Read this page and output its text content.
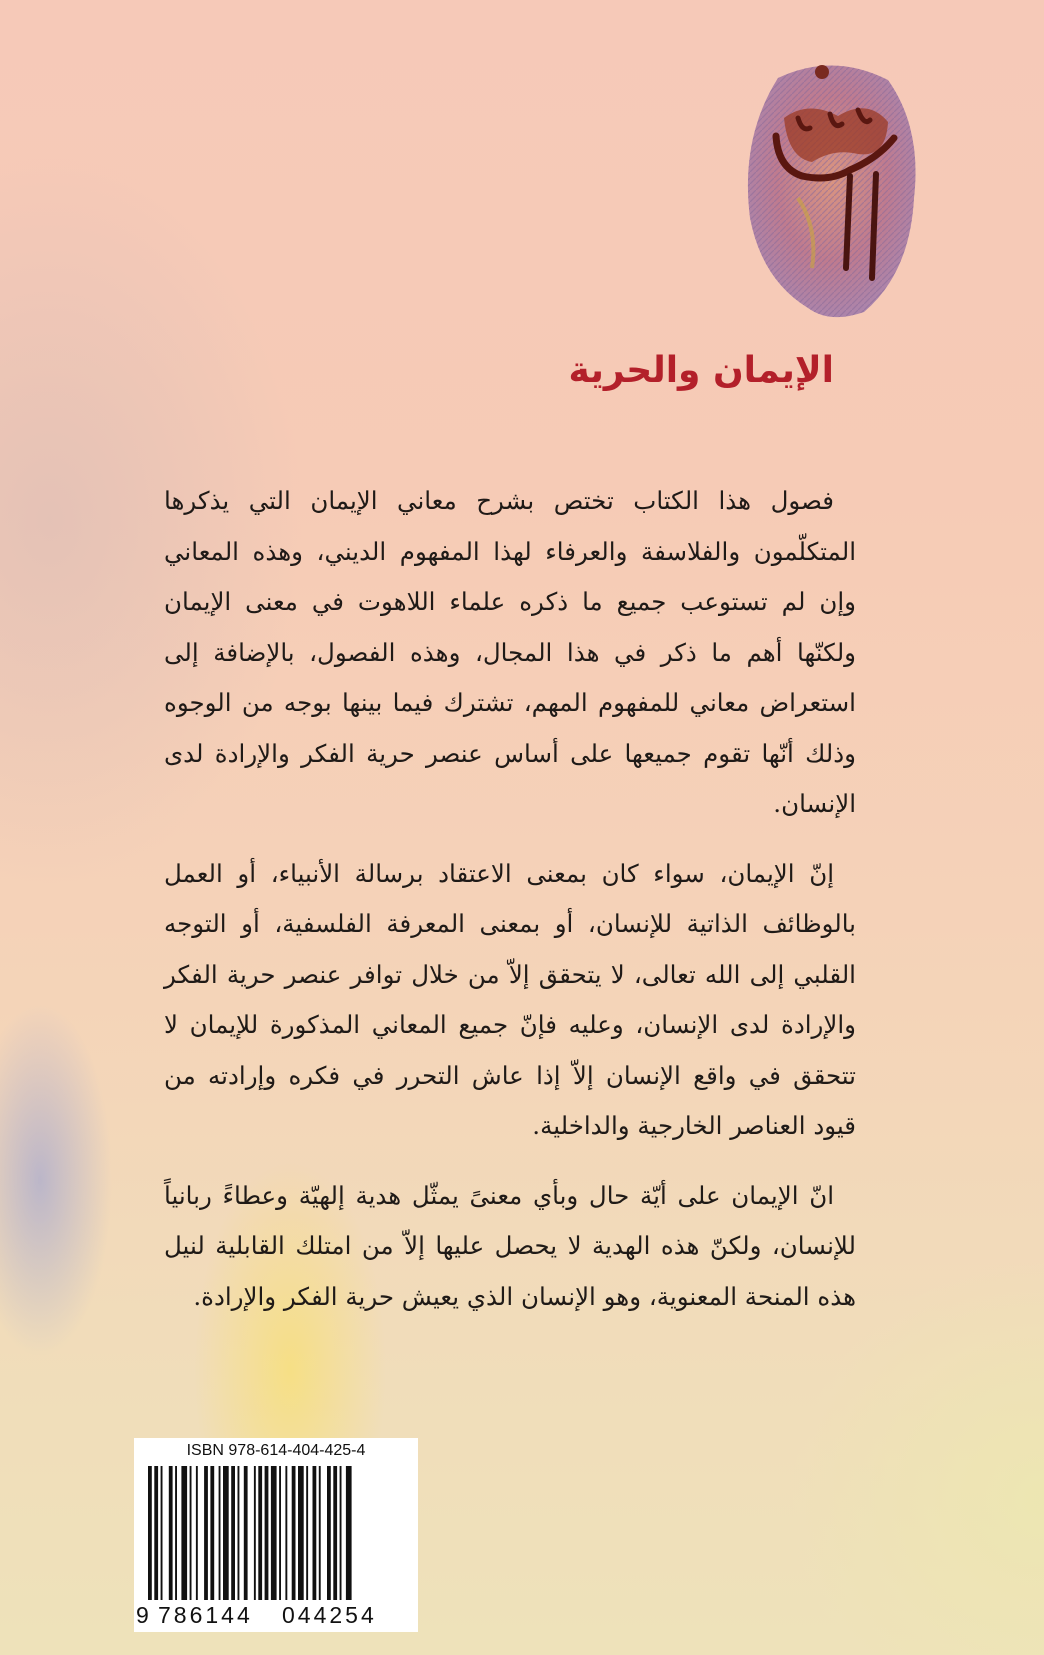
الإيمان والحرية

فصول هذا الكتاب تختص بشرح معاني الإيمان التي يذكرها المتكلّمون والفلاسفة والعرفاء لهذا المفهوم الديني، وهذه المعاني وإن لم تستوعب جميع ما ذكره علماء اللاهوت في معنى الإيمان ولكنّها أهم ما ذكر في هذا المجال، وهذه الفصول، بالإضافة إلى استعراض معاني للمفهوم المهم، تشترك فيما بينها بوجه من الوجوه وذلك أنّها تقوم جميعها على أساس عنصر حرية الفكر والإرادة لدى الإنسان.

إنّ الإيمان، سواء كان بمعنى الاعتقاد برسالة الأنبياء، أو العمل بالوظائف الذاتية للإنسان، أو بمعنى المعرفة الفلسفية، أو التوجه القلبي إلى الله تعالى، لا يتحقق إلاّ من خلال توافر عنصر حرية الفكر والإرادة لدى الإنسان، وعليه فإنّ جميع المعاني المذكورة للإيمان لا تتحقق في واقع الإنسان إلاّ إذا عاش التحرر في فكره وإرادته من قيود العناصر الخارجية والداخلية.

انّ الإيمان على أيّة حال وبأي معنىً يمثّل هدية إلهيّة وعطاءً ربانياً للإنسان، ولكنّ هذه الهدية لا يحصل عليها إلاّ من امتلك القابلية لنيل هذه المنحة المعنوية، وهو الإنسان الذي يعيش حرية الفكر والإرادة.

ISBN 978-614-404-425-4
9 786144 044254
